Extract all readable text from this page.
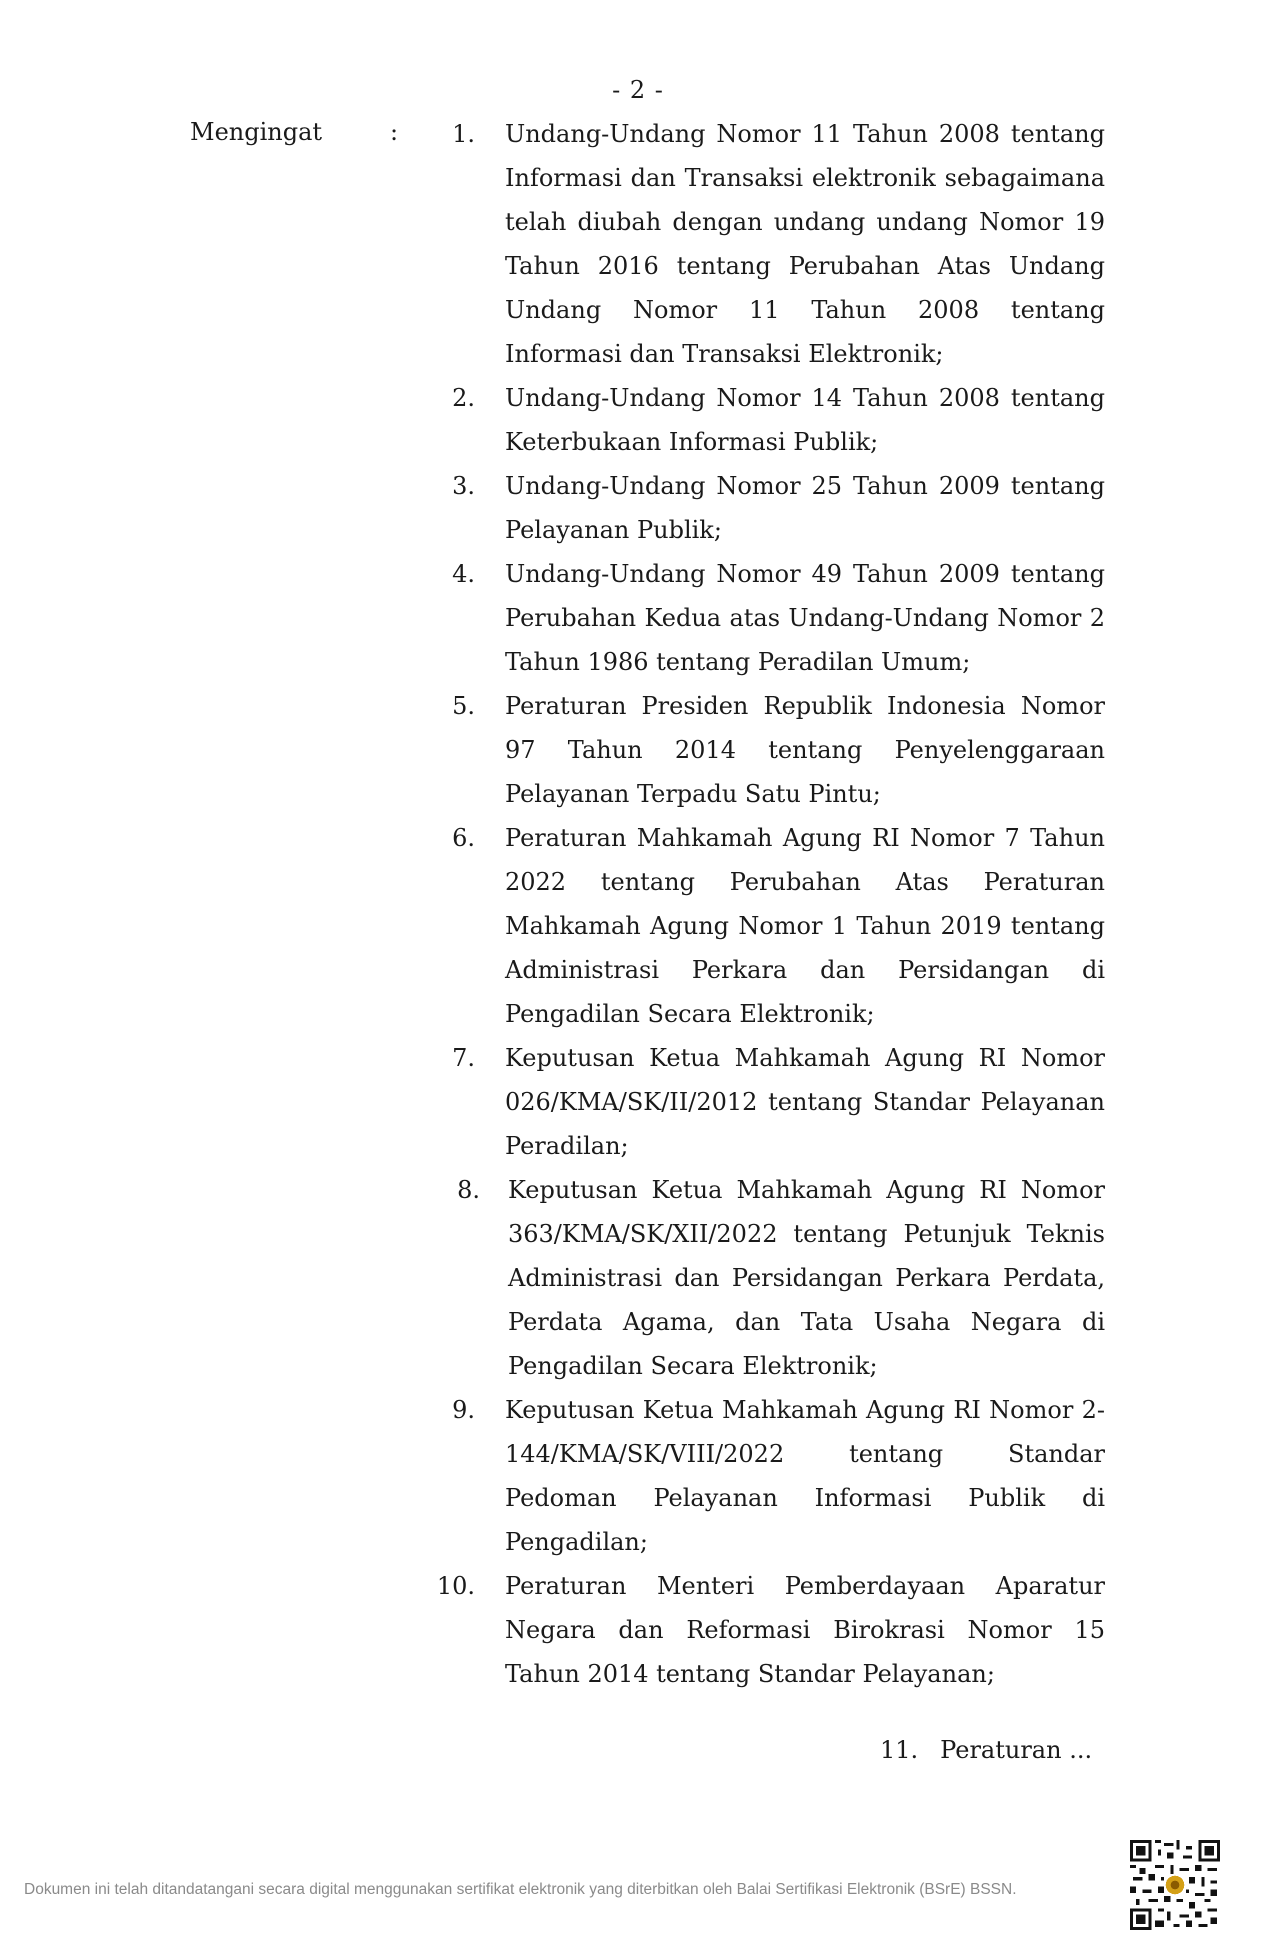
- 2 -
Mengingat	:	1. Undang-Undang Nomor 11 Tahun 2008 tentang Informasi dan Transaksi elektronik sebagaimana telah diubah dengan undang undang Nomor 19 Tahun 2016 tentang Perubahan Atas Undang Undang Nomor 11 Tahun 2008 tentang Informasi dan Transaksi Elektronik;
2. Undang-Undang Nomor 14 Tahun 2008 tentang Keterbukaan Informasi Publik;
3. Undang-Undang Nomor 25 Tahun 2009 tentang Pelayanan Publik;
4. Undang-Undang Nomor 49 Tahun 2009 tentang Perubahan Kedua atas Undang-Undang Nomor 2 Tahun 1986 tentang Peradilan Umum;
5. Peraturan Presiden Republik Indonesia Nomor 97 Tahun 2014 tentang Penyelenggaraan Pelayanan Terpadu Satu Pintu;
6. Peraturan Mahkamah Agung RI Nomor 7 Tahun 2022 tentang Perubahan Atas Peraturan Mahkamah Agung Nomor 1 Tahun 2019 tentang Administrasi Perkara dan Persidangan di Pengadilan Secara Elektronik;
7. Keputusan Ketua Mahkamah Agung RI Nomor 026/KMA/SK/II/2012 tentang Standar Pelayanan Peradilan;
8. Keputusan Ketua Mahkamah Agung RI Nomor 363/KMA/SK/XII/2022 tentang Petunjuk Teknis Administrasi dan Persidangan Perkara Perdata, Perdata Agama, dan Tata Usaha Negara di Pengadilan Secara Elektronik;
9. Keputusan Ketua Mahkamah Agung RI Nomor 2-144/KMA/SK/VIII/2022 tentang Standar Pedoman Pelayanan Informasi Publik di Pengadilan;
10. Peraturan Menteri Pemberdayaan Aparatur Negara dan Reformasi Birokrasi Nomor 15 Tahun 2014 tentang Standar Pelayanan;
11. Peraturan ...
Dokumen ini telah ditandatangani secara digital menggunakan sertifikat elektronik yang diterbitkan oleh Balai Sertifikasi Elektronik (BSrE) BSSN.
